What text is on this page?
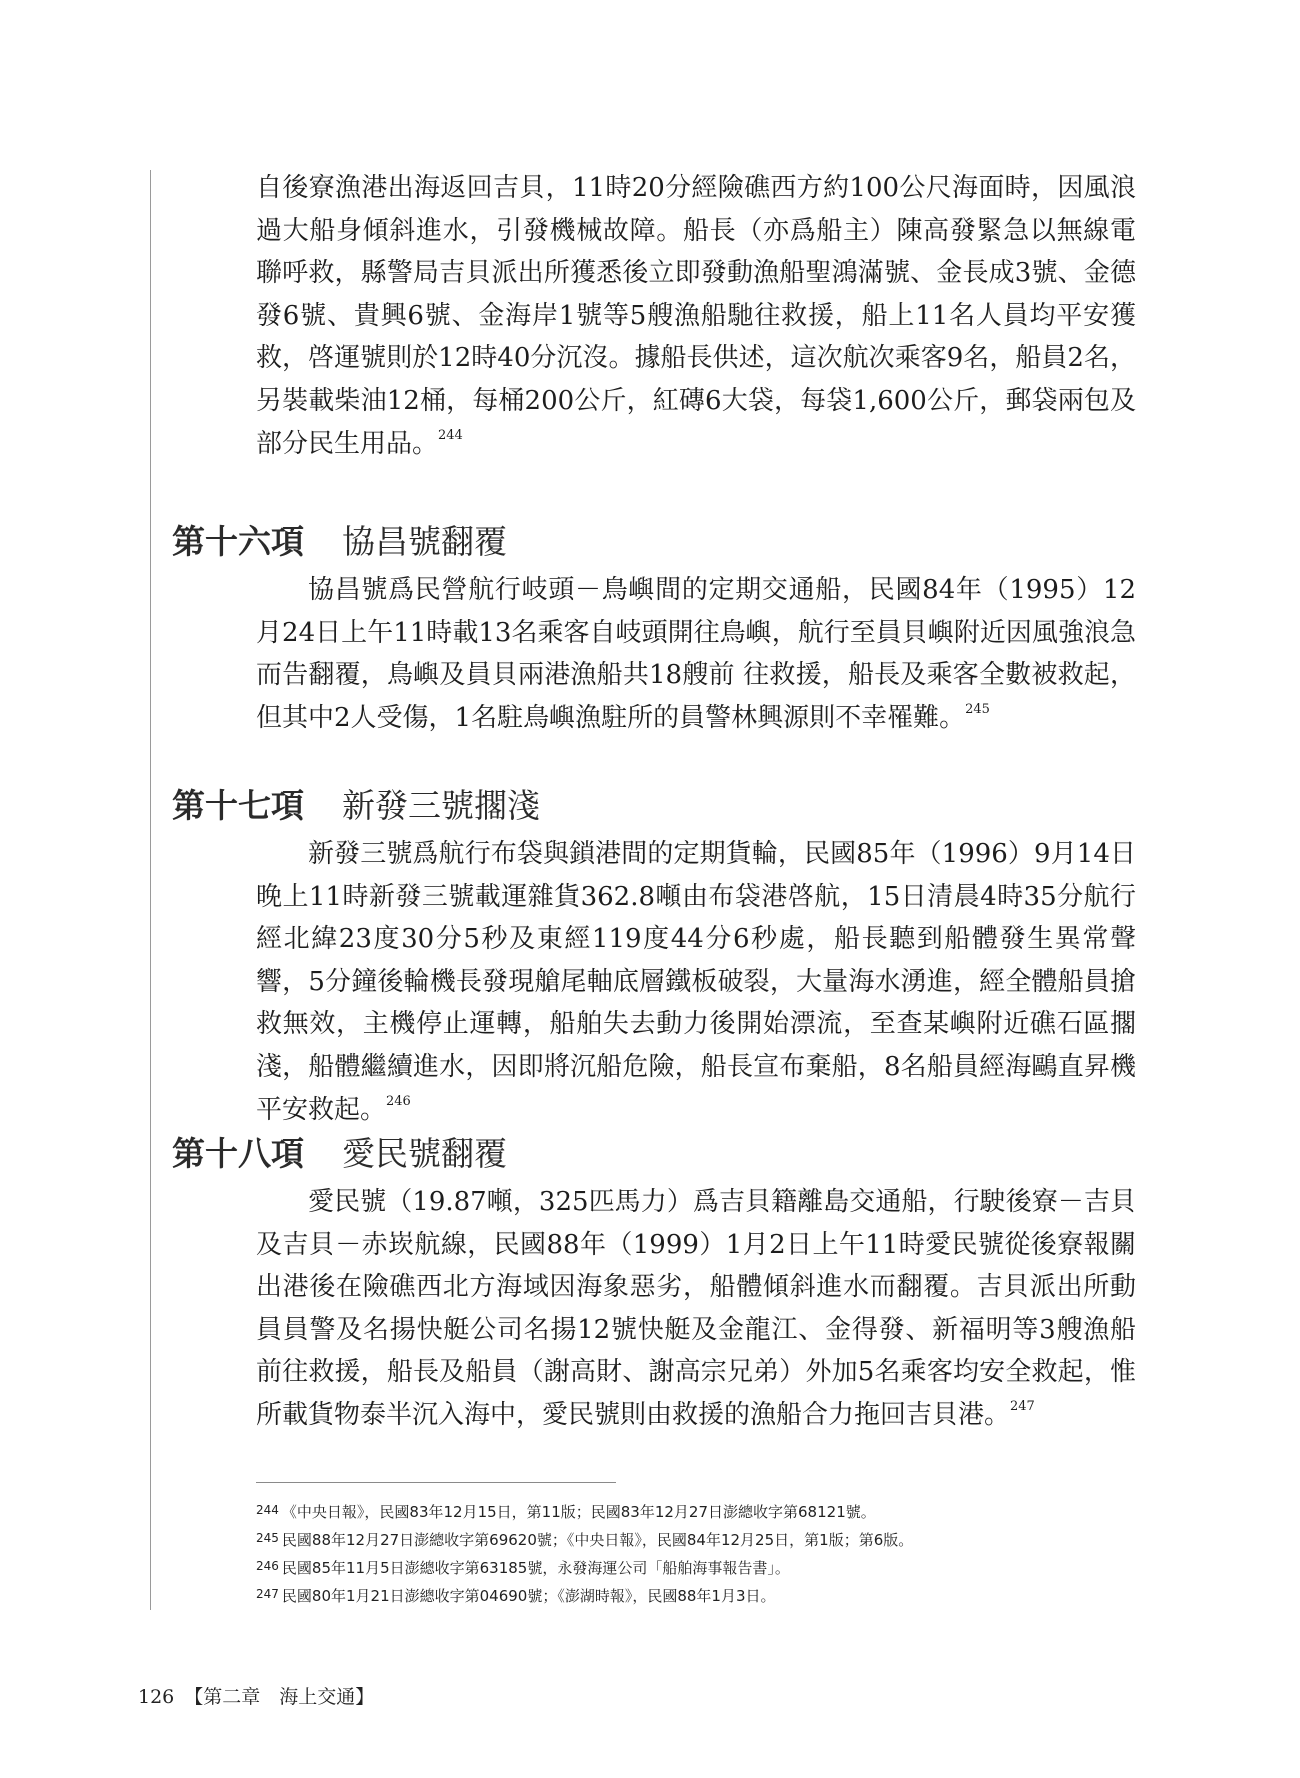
自後寮漁港出海返回吉貝，11時20分經險礁西方約100公尺海面時，因風浪過大船身傾斜進水，引發機械故障。船長（亦爲船主）陳高發緊急以無線電聯呼救，縣警局吉貝派出所獲悉後立即發動漁船聖鴻滿號、金長成3號、金德發6號、貴興6號、金海岸1號等5艘漁船馳往救援，船上11名人員均平安獲救，啓運號則於12時40分沉沒。據船長供述，這次航次乘客9名，船員2名，另裝載柴油12桶，每桶200公斤，紅磚6大袋，每袋1,600公斤，郵袋兩包及部分民生用品。$^{244}$

第十六項 協昌號翻覆

協昌號爲民營航行岐頭－鳥嶼間的定期交通船，民國84年（1995）12月24日上午11時載13名乘客自岐頭開往鳥嶼，航行至員貝嶼附近因風強浪急而告翻覆，鳥嶼及員貝兩港漁船共18艘前 往救援，船長及乘客全數被救起，但其中2人受傷，1名駐鳥嶼漁駐所的員警林興源則不幸罹難。$^{245}$

第十七項 新發三號擱淺

新發三號爲航行布袋與鎖港間的定期貨輪，民國85年（1996）9月14日晚上11時新發三號載運雜貨362.8噸由布袋港啓航，15日清晨4時35分航行經北緯23度30分5秒及東經119度44分6秒處，船長聽到船體發生異常聲響，5分鐘後輪機長發現艙尾軸底層鐵板破裂，大量海水湧進，經全體船員搶救無效，主機停止運轉，船舶失去動力後開始漂流，至查某嶼附近礁石區擱淺，船體繼續進水，因即將沉船危險，船長宣布棄船，8名船員經海鷗直昇機平安救起。$^{246}$

第十八項 愛民號翻覆

愛民號（19.87噸，325匹馬力）爲吉貝籍離島交通船，行駛後寮－吉貝及吉貝－赤崁航線，民國88年（1999）1月2日上午11時愛民號從後寮報關出港後在險礁西北方海域因海象惡劣，船體傾斜進水而翻覆。吉貝派出所動員員警及名揚快艇公司名揚12號快艇及金龍江、金得發、新福明等3艘漁船前往救援，船長及船員（謝高財、謝高宗兄弟）外加5名乘客均安全救起，惟所載貨物泰半沉入海中，愛民號則由救援的漁船合力拖回吉貝港。$^{247}$

$^{244}$ 《中央日報》，民國83年12月15日，第11版；民國83年12月27日澎總收字第68121號。
$^{245}$ 民國88年12月27日澎總收字第69620號；《中央日報》，民國84年12月25日，第1版；第6版。
$^{246}$ 民國85年11月5日澎總收字第63185號，永發海運公司「船舶海事報告書」。
$^{247}$ 民國80年1月21日澎總收字第04690號；《澎湖時報》，民國88年1月3日。
126 【第二章　海上交通】
